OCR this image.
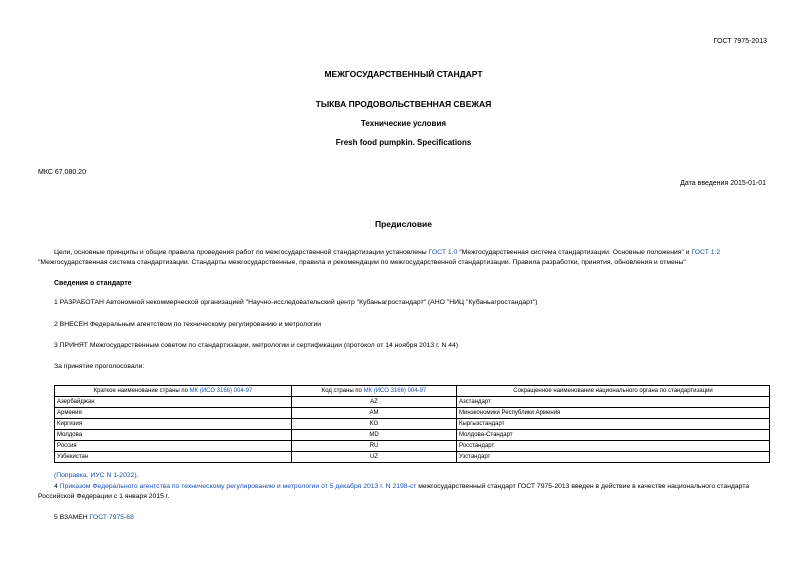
ГОСТ 7975-2013
МЕЖГОСУДАРСТВЕННЫЙ СТАНДАРТ
ТЫКВА ПРОДОВОЛЬСТВЕННАЯ СВЕЖАЯ
Технические условия
Fresh food pumpkin. Specifications
МКС 67.080.20
Дата введения 2015-01-01
Предисловие
Цели, основные принципы и общие правила проведения работ по межгосударственной стандартизации установлены ГОСТ 1.0 "Межгосударственная система стандартизации. Основные положения" и ГОСТ 1.2 "Межгосударственная система стандартизации. Стандарты межгосударственные, правила и рекомендации по межгосударственной стандартизации. Правила разработки, принятия, обновления и отмены"
Сведения о стандарте
1 РАЗРАБОТАН Автономной некоммерческой организацией "Научно-исследовательский центр "Кубаньагростандарт" (АНО "НИЦ "Кубаньагростандарт")
2 ВНЕСЕН Федеральным агентством по техническому регулированию и метрологии
3 ПРИНЯТ Межгосударственным советом по стандартизации, метрологии и сертификации (протокол от 14 ноября 2013 г. N 44)
За принятие проголосовали:
Краткое наименование страны по МК (ИСО 3166) 004-97	Код страны по МК (ИСО 3166) 004-97	Сокращенное наименование национального органа по стандартизации
Азербайджан	AZ	Азстандарт
Армения	AM	Минэкономики Республики Армения
Киргизия	KG	Кыргызстандарт
Молдова	MD	Молдова-Стандарт
Россия	RU	Росстандарт
Узбекистан	UZ	Узстандарт
(Поправка. ИУС N 1-2022).
4 Приказом Федерального агентства по техническому регулированию и метрологии от 5 декабря 2013 г. N 2198-ст межгосударственный стандарт ГОСТ 7975-2013 введен в действие в качестве национального стандарта Российской Федерации с 1 января 2015 г.
5 ВЗАМЕН ГОСТ 7975-68
